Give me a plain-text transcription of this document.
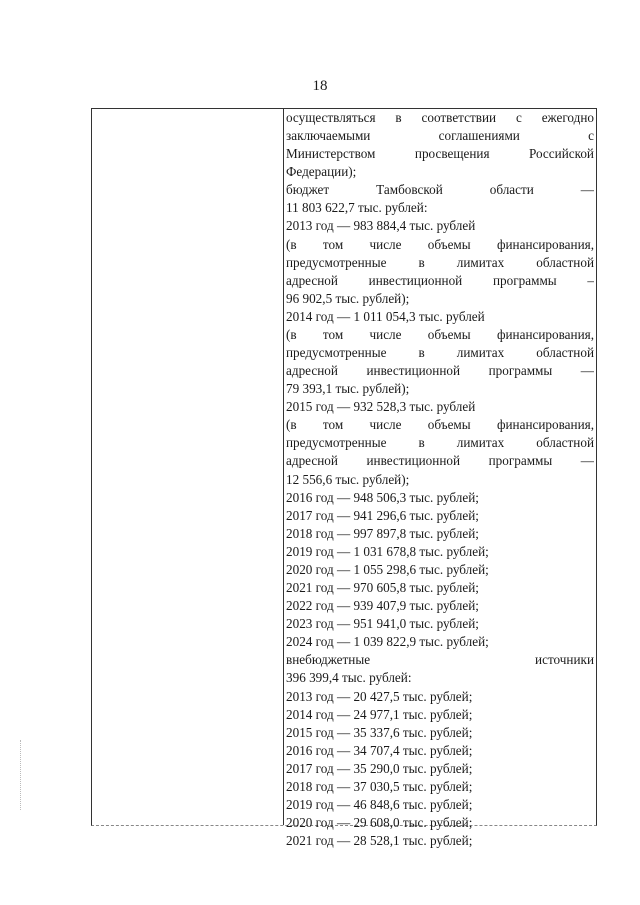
18
осуществляться в соответствии с ежегодно
заключаемыми соглашениями с
Министерством просвещения Российской
Федерации);
бюджет Тамбовской области —
11 803 622,7 тыс. рублей:
2013 год — 983 884,4 тыс. рублей
(в том числе объемы финансирования,
предусмотренные в лимитах областной
адресной инвестиционной программы –
96 902,5 тыс. рублей);
2014 год — 1 011 054,3 тыс. рублей
(в том числе объемы финансирования,
предусмотренные в лимитах областной
адресной инвестиционной программы —
79 393,1 тыс. рублей);
2015 год — 932 528,3 тыс. рублей
(в том числе объемы финансирования,
предусмотренные в лимитах областной
адресной инвестиционной программы —
12 556,6 тыс. рублей);
2016 год — 948 506,3 тыс. рублей;
2017 год — 941 296,6 тыс. рублей;
2018 год — 997 897,8 тыс. рублей;
2019 год — 1 031 678,8 тыс. рублей;
2020 год — 1 055 298,6 тыс. рублей;
2021 год — 970 605,8 тыс. рублей;
2022 год — 939 407,9 тыс. рублей;
2023 год — 951 941,0 тыс. рублей;
2024 год — 1 039 822,9 тыс. рублей;
внебюджетные источники
396 399,4 тыс. рублей:
2013 год — 20 427,5 тыс. рублей;
2014 год — 24 977,1 тыс. рублей;
2015 год — 35 337,6 тыс. рублей;
2016 год — 34 707,4 тыс. рублей;
2017 год — 35 290,0 тыс. рублей;
2018 год — 37 030,5 тыс. рублей;
2019 год — 46 848,6 тыс. рублей;
2020 год — 29 608,0 тыс. рублей;
2021 год — 28 528,1 тыс. рублей;
